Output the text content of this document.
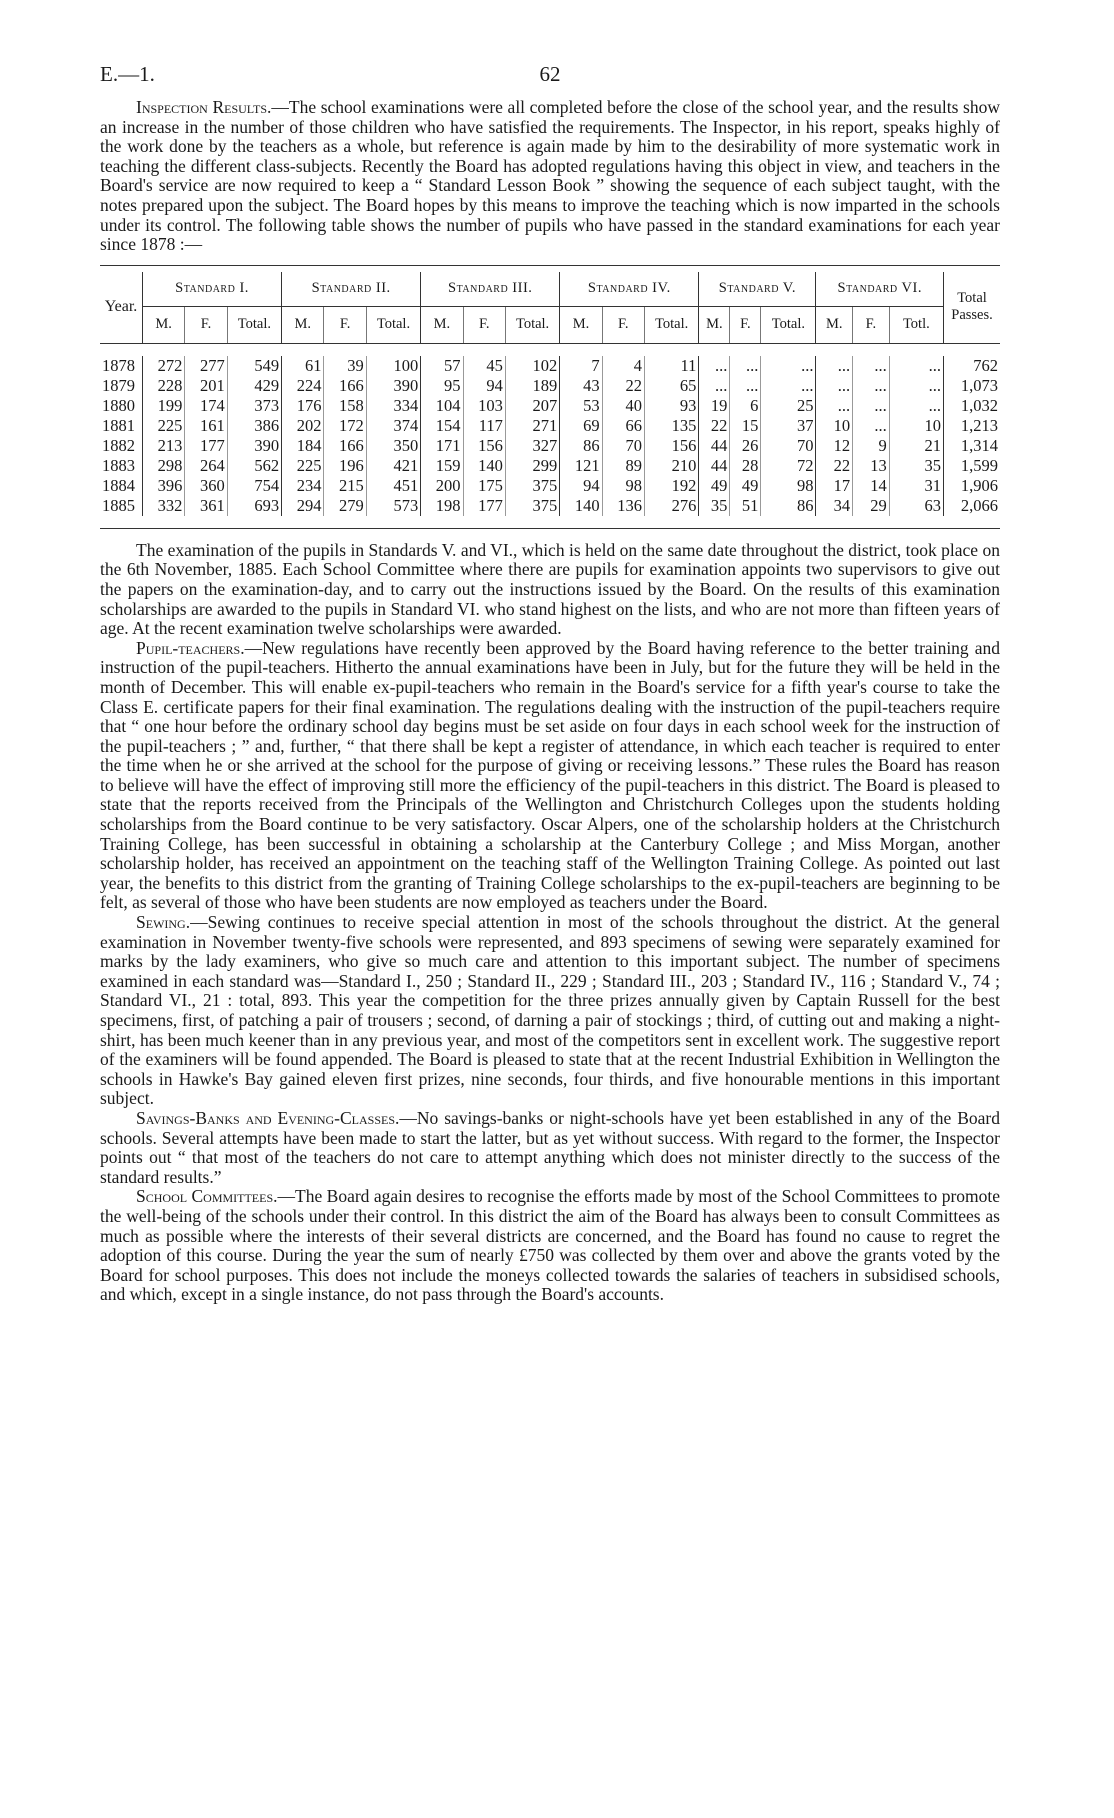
E.—1.	62

Inspection Results.—The school examinations were all completed before the close of the school year, and the results show an increase in the number of those children who have satisfied the requirements. The Inspector, in his report, speaks highly of the work done by the teachers as a whole, but reference is again made by him to the desirability of more systematic work in teaching the different class-subjects. Recently the Board has adopted regulations having this object in view, and teachers in the Board's service are now required to keep a “ Standard Lesson Book ” showing the sequence of each subject taught, with the notes prepared upon the subject. The Board hopes by this means to improve the teaching which is now imparted in the schools under its control. The following table shows the number of pupils who have passed in the standard examinations for each year since 1878 :—

Year.	Standard I.			Standard II.			Standard III.			Standard IV.			Standard V.			Standard VI.			Total Passes.
	M.	F.	Total.	M.	F.	Total.	M.	F.	Total.	M.	F.	Total.	M.	F.	Total.	M.	F.	Totl.	

1878	272	277	549	61	39	100	57	45	102	7	4	11	...	...	...	...	...	...	762
1879	228	201	429	224	166	390	95	94	189	43	22	65	...	...	...	...	...	...	1,073
1880	199	174	373	176	158	334	104	103	207	53	40	93	19	6	25	...	...	...	1,032
1881	225	161	386	202	172	374	154	117	271	69	66	135	22	15	37	10	...	10	1,213
1882	213	177	390	184	166	350	171	156	327	86	70	156	44	26	70	12	9	21	1,314
1883	298	264	562	225	196	421	159	140	299	121	89	210	44	28	72	22	13	35	1,599
1884	396	360	754	234	215	451	200	175	375	94	98	192	49	49	98	17	14	31	1,906
1885	332	361	693	294	279	573	198	177	375	140	136	276	35	51	86	34	29	63	2,066

The examination of the pupils in Standards V. and VI., which is held on the same date throughout the district, took place on the 6th November, 1885. Each School Committee where there are pupils for examination appoints two supervisors to give out the papers on the examination-day, and to carry out the instructions issued by the Board. On the results of this examination scholarships are awarded to the pupils in Standard VI. who stand highest on the lists, and who are not more than fifteen years of age. At the recent examination twelve scholarships were awarded.

Pupil-teachers.—New regulations have recently been approved by the Board having reference to the better training and instruction of the pupil-teachers. Hitherto the annual examinations have been in July, but for the future they will be held in the month of December. This will enable ex-pupil-teachers who remain in the Board's service for a fifth year's course to take the Class E. certificate papers for their final examination. The regulations dealing with the instruction of the pupil-teachers require that “ one hour before the ordinary school day begins must be set aside on four days in each school week for the instruction of the pupil-teachers ; ” and, further, “ that there shall be kept a register of attendance, in which each teacher is required to enter the time when he or she arrived at the school for the purpose of giving or receiving lessons.” These rules the Board has reason to believe will have the effect of improving still more the efficiency of the pupil-teachers in this district. The Board is pleased to state that the reports received from the Principals of the Wellington and Christchurch Colleges upon the students holding scholarships from the Board continue to be very satisfactory. Oscar Alpers, one of the scholarship holders at the Christchurch Training College, has been successful in obtaining a scholarship at the Canterbury College ; and Miss Morgan, another scholarship holder, has received an appointment on the teaching staff of the Wellington Training College. As pointed out last year, the benefits to this district from the granting of Training College scholarships to the ex-pupil-teachers are beginning to be felt, as several of those who have been students are now employed as teachers under the Board.

Sewing.—Sewing continues to receive special attention in most of the schools throughout the district. At the general examination in November twenty-five schools were represented, and 893 specimens of sewing were separately examined for marks by the lady examiners, who give so much care and attention to this important subject. The number of specimens examined in each standard was—Standard I., 250 ; Standard II., 229 ; Standard III., 203 ; Standard IV., 116 ; Standard V., 74 ; Standard VI., 21 : total, 893. This year the competition for the three prizes annually given by Captain Russell for the best specimens, first, of patching a pair of trousers ; second, of darning a pair of stockings ; third, of cutting out and making a night-shirt, has been much keener than in any previous year, and most of the competitors sent in excellent work. The suggestive report of the examiners will be found appended. The Board is pleased to state that at the recent Industrial Exhibition in Wellington the schools in Hawke's Bay gained eleven first prizes, nine seconds, four thirds, and five honourable mentions in this important subject.

Savings-Banks and Evening-Classes.—No savings-banks or night-schools have yet been established in any of the Board schools. Several attempts have been made to start the latter, but as yet without success. With regard to the former, the Inspector points out “ that most of the teachers do not care to attempt anything which does not minister directly to the success of the standard results.”

School Committees.—The Board again desires to recognise the efforts made by most of the School Committees to promote the well-being of the schools under their control. In this district the aim of the Board has always been to consult Committees as much as possible where the interests of their several districts are concerned, and the Board has found no cause to regret the adoption of this course. During the year the sum of nearly £750 was collected by them over and above the grants voted by the Board for school purposes. This does not include the moneys collected towards the salaries of teachers in subsidised schools, and which, except in a single instance, do not pass through the Board's accounts.
